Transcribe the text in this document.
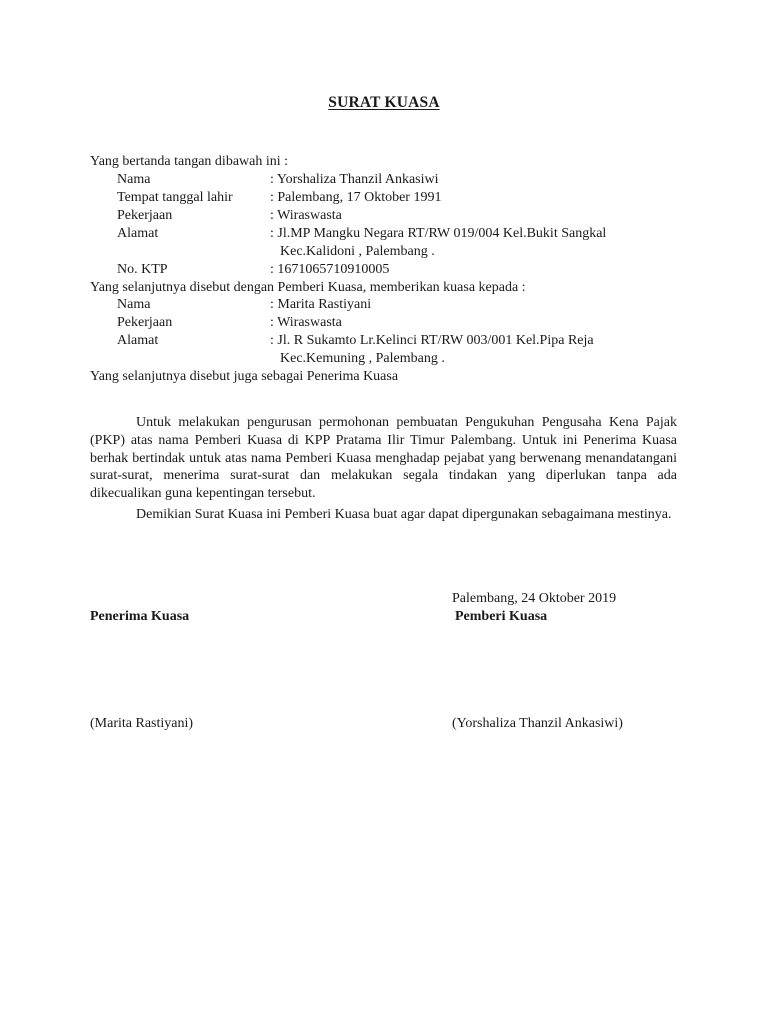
SURAT KUASA
Yang bertanda tangan dibawah ini :
Nama	: Yorshaliza Thanzil Ankasiwi
Tempat tanggal lahir	: Palembang, 17 Oktober 1991
Pekerjaan	: Wiraswasta
Alamat	: Jl.MP Mangku Negara RT/RW 019/004 Kel.Bukit Sangkal
Kec.Kalidoni , Palembang .
No. KTP	: 1671065710910005
Yang selanjutnya disebut dengan Pemberi Kuasa, memberikan kuasa kepada :
Nama	: Marita Rastiyani
Pekerjaan	: Wiraswasta
Alamat	: Jl. R Sukamto Lr.Kelinci RT/RW 003/001 Kel.Pipa Reja
Kec.Kemuning , Palembang .
Yang selanjutnya disebut juga sebagai Penerima Kuasa
Untuk melakukan pengurusan permohonan pembuatan Pengukuhan Pengusaha Kena Pajak (PKP) atas nama Pemberi Kuasa di KPP Pratama Ilir Timur Palembang. Untuk ini Penerima Kuasa berhak bertindak untuk atas nama Pemberi Kuasa menghadap pejabat yang berwenang menandatangani surat-surat, menerima surat-surat dan melakukan segala tindakan yang diperlukan tanpa ada dikecualikan guna kepentingan tersebut.
Demikian Surat Kuasa ini Pemberi Kuasa buat agar dapat dipergunakan sebagaimana mestinya.
Palembang, 24 Oktober 2019
Penerima Kuasa	Pemberi Kuasa
(Marita Rastiyani)	(Yorshaliza Thanzil Ankasiwi)
